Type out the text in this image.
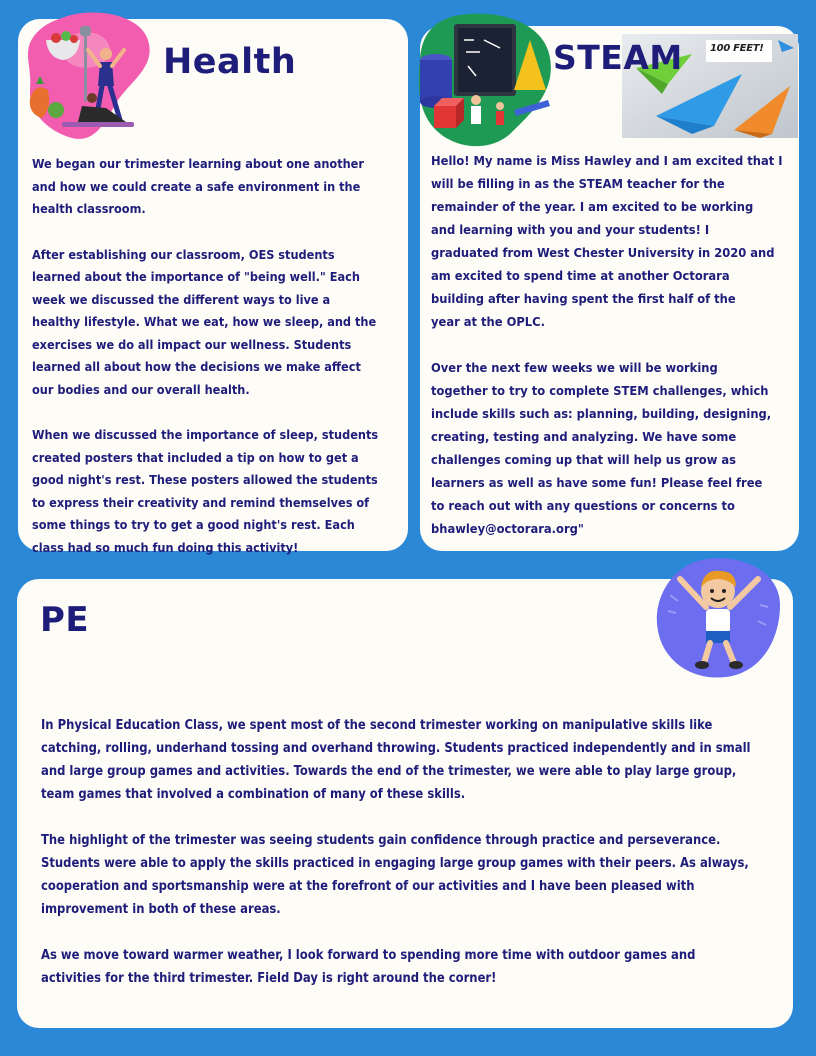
100 FEET!
Health	STEAM
PE

We began our trimester learning about one another
and how we could create a safe environment in the
health classroom.

After establishing our classroom, OES students
learned about the importance of "being well." Each
week we discussed the different ways to live a
healthy lifestyle. What we eat, how we sleep, and the
exercises we do all impact our wellness. Students
learned all about how the decisions we make affect
our bodies and our overall health.

When we discussed the importance of sleep, students
created posters that included a tip on how to get a
good night's rest. These posters allowed the students
to express their creativity and remind themselves of
some things to try to get a good night's rest. Each
class had so much fun doing this activity!

Hello! My name is Miss Hawley and I am excited that I
will be filling in as the STEAM teacher for the
remainder of the year. I am excited to be working
and learning with you and your students! I
graduated from West Chester University in 2020 and
am excited to spend time at another Octorara
building after having spent the first half of the
year at the OPLC.

Over the next few weeks we will be working
together to try to complete STEM challenges, which
include skills such as: planning, building, designing,
creating, testing and analyzing. We have some
challenges coming up that will help us grow as
learners as well as have some fun! Please feel free
to reach out with any questions or concerns to
bhawley@octorara.org"

In Physical Education Class, we spent most of the second trimester working on manipulative skills like
catching, rolling, underhand tossing and overhand throwing. Students practiced independently and in small
and large group games and activities. Towards the end of the trimester, we were able to play large group,
team games that involved a combination of many of these skills.

The highlight of the trimester was seeing students gain confidence through practice and perseverance.
Students were able to apply the skills practiced in engaging large group games with their peers. As always,
cooperation and sportsmanship were at the forefront of our activities and I have been pleased with
improvement in both of these areas.

As we move toward warmer weather, I look forward to spending more time with outdoor games and
activities for the third trimester. Field Day is right around the corner!
